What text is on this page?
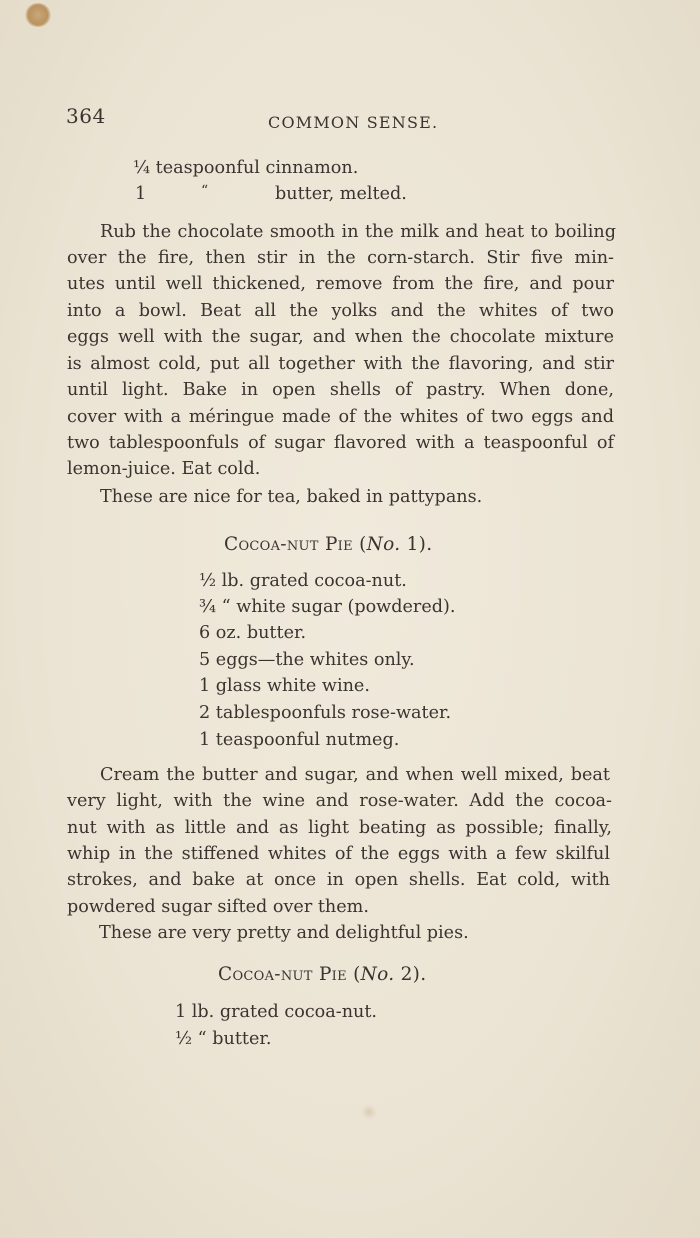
364	COMMON SENSE.
¼ teaspoonful cinnamon.
1	“	butter, melted.
Rub the chocolate smooth in the milk and heat to boiling
over the fire, then stir in the corn-starch. Stir five min-
utes until well thickened, remove from the fire, and pour
into a bowl. Beat all the yolks and the whites of two
eggs well with the sugar, and when the chocolate mixture
is almost cold, put all together with the flavoring, and stir
until light. Bake in open shells of pastry. When done,
cover with a méringue made of the whites of two eggs and
two tablespoonfuls of sugar flavored with a teaspoonful of
lemon-juice. Eat cold.
These are nice for tea, baked in pattypans.
Cocoa-nut Pie (No. 1).
½ lb. grated cocoa-nut.
¾ “ white sugar (powdered).
6 oz. butter.
5 eggs—the whites only.
1 glass white wine.
2 tablespoonfuls rose-water.
1 teaspoonful nutmeg.
Cream the butter and sugar, and when well mixed, beat
very light, with the wine and rose-water. Add the cocoa-
nut with as little and as light beating as possible; finally,
whip in the stiffened whites of the eggs with a few skilful
strokes, and bake at once in open shells. Eat cold, with
powdered sugar sifted over them.
These are very pretty and delightful pies.
Cocoa-nut Pie (No. 2).
1 lb. grated cocoa-nut.
½ “ butter.
